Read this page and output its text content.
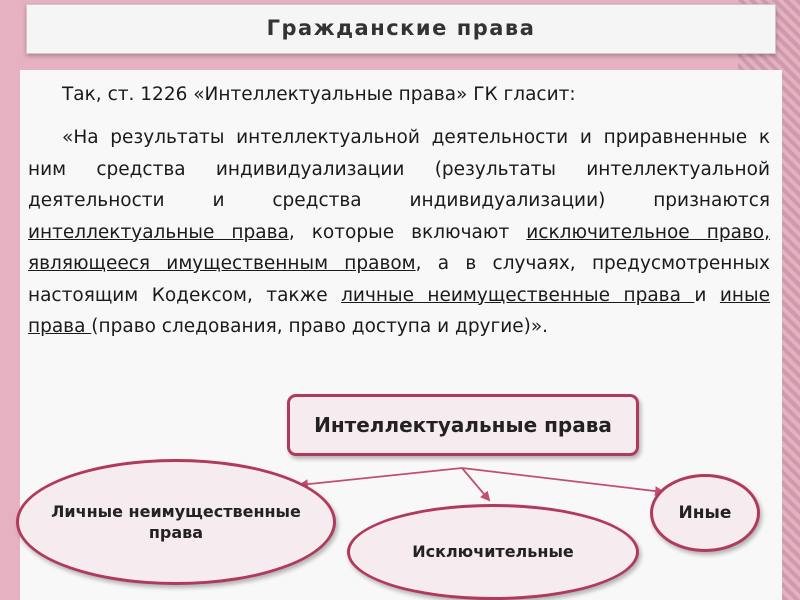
Гражданские права

Так, ст. 1226 «Интеллектуальные права» ГК гласит:

«На результаты интеллектуальной деятельности и приравненные к ним средства индивидуализации (результаты интеллектуальной деятельности и средства индивидуализации) признаются интеллектуальные права, которые включают исключительное право, являющееся имущественным правом, а в случаях, предусмотренных настоящим Кодексом, также личные неимущественные права и иные права (право следования, право доступа и другие)».

Интеллектуальные права
Личные неимущественные права
Исключительные
Иные
